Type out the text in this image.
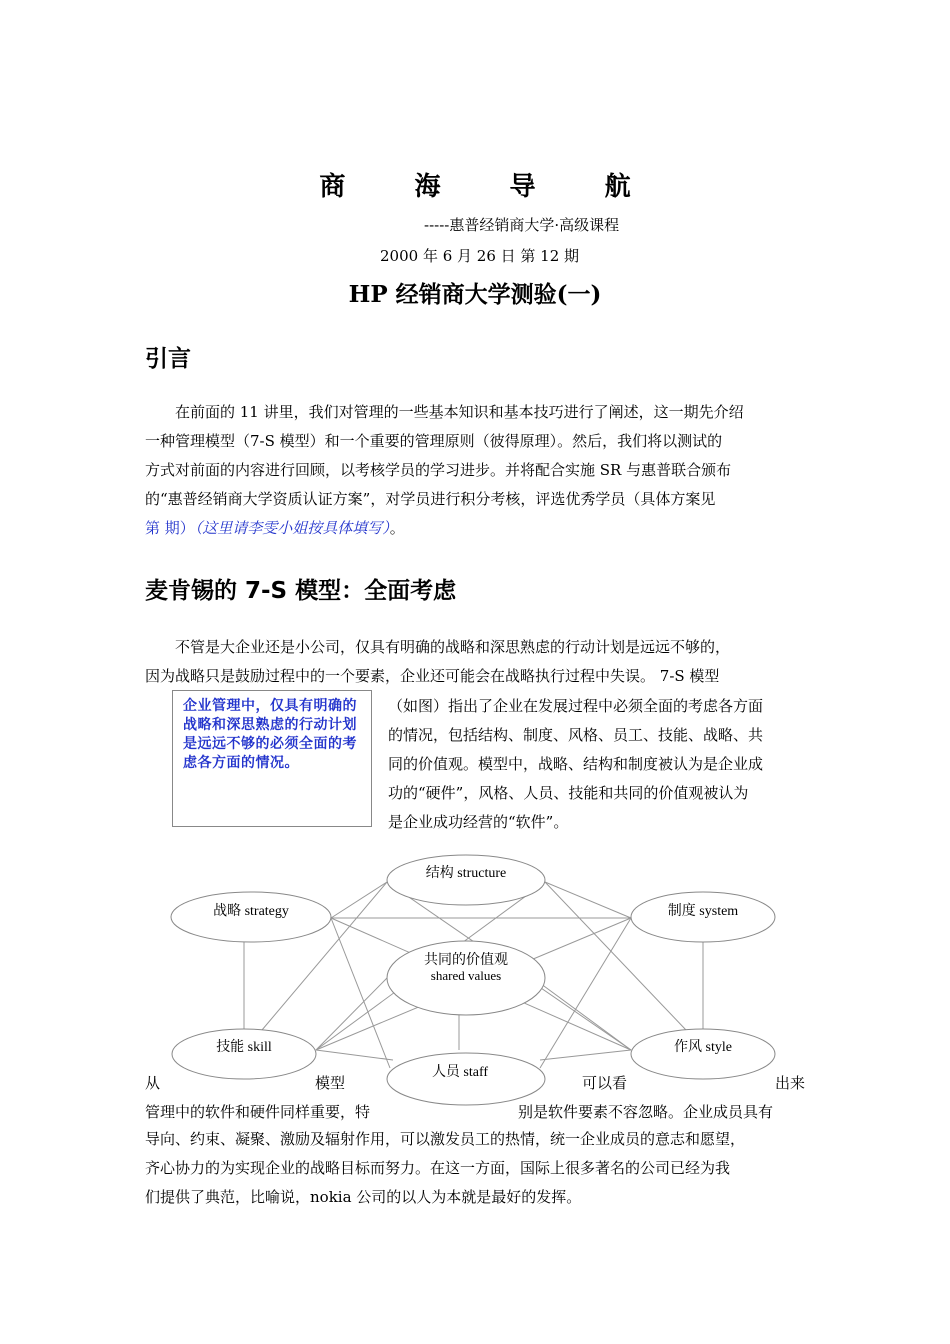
商 海 导 航
-----惠普经销商大学·高级课程
2000 年 6 月 26 日 第 12 期
HP 经销商大学测验(一)
引言
在前面的 11 讲里，我们对管理的一些基本知识和基本技巧进行了阐述，这一期先介绍
一种管理模型（7-S 模型）和一个重要的管理原则（彼得原理）。然后，我们将以测试的
方式对前面的内容进行回顾，以考核学员的学习进步。并将配合实施 SR 与惠普联合颁布
的“惠普经销商大学资质认证方案”，对学员进行积分考核，评选优秀学员（具体方案见
第 期）（这里请李雯小姐按具体填写）。
麦肯锡的 7-S 模型：全面考虑
不管是大企业还是小公司，仅具有明确的战略和深思熟虑的行动计划是远远不够的，
因为战略只是鼓励过程中的一个要素，企业还可能会在战略执行过程中失误。 7-S 模型
企业管理中，仅具有明确的战略和深思熟虑的行动计划是远远不够的必须全面的考虑各方面的情况。
（如图）指出了企业在发展过程中必须全面的考虑各方面
的情况，包括结构、制度、风格、员工、技能、战略、共
同的价值观。模型中，战略、结构和制度被认为是企业成
功的“硬件”，风格、人员、技能和共同的价值观被认为
是企业成功经营的“软件”。
结构 structure
战略 strategy	制度 system
共同的价值观
shared values
技能 skill	作风 style
人员 staff
从	模型	可以看	出来
管理中的软件和硬件同样重要，特	别是软件要素不容忽略。企业成员具有
导向、约束、凝聚、激励及辐射作用，可以激发员工的热情，统一企业成员的意志和愿望，
齐心协力的为实现企业的战略目标而努力。在这一方面，国际上很多著名的公司已经为我
们提供了典范，比喻说，nokia 公司的以人为本就是最好的发挥。
